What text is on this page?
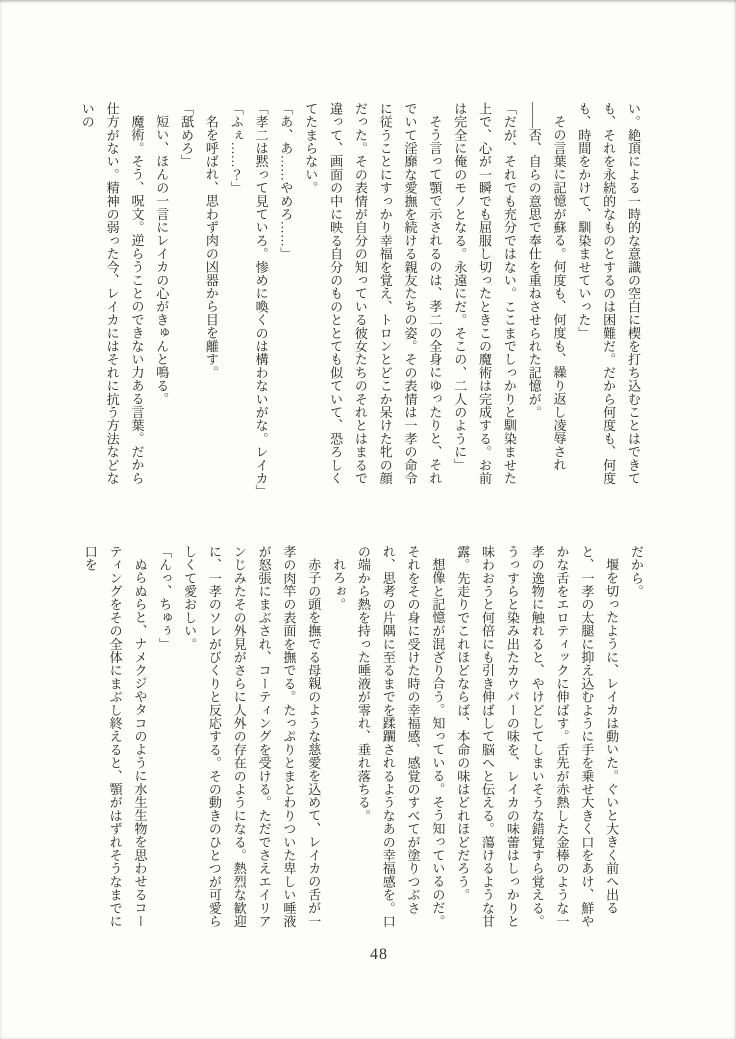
い。絶頂による一時的な意識の空白に楔を打ち込むことはできても、それを永続的なものとするのは困難だ。だから何度も、何度も、時間をかけて、馴染ませていった」

その言葉に記憶が蘇る。何度も、何度も、繰り返し凌辱され――否、自らの意思で奉仕を重ねさせられた記憶が。

「だが、それでも充分ではない。ここまでしっかりと馴染ませた上で、心が一瞬でも屈服し切ったときこの魔術は完成する。お前は完全に俺のモノとなる。永遠にだ。そこの、二人のように」

そう言って顎で示されるのは、孝二の全身にゆったりと、それでいて淫靡な愛撫を続ける親友たちの姿。その表情は一孝の命令に従うことにすっかり幸福を覚え、トロンとどこか呆けた牝の顔だった。その表情が自分の知っている彼女たちのそれとはまるで違って、画面の中に映る自分のものととても似ていて、恐ろしくてたまらない。

「あ、あ……やめろ……」

「孝二は黙って見ていろ。惨めに喚くのは構わないがな。レイカ」

「ふぇ……？」

名を呼ばれ、思わず肉の凶器から目を離す。

「舐めろ」

短い、ほんの一言にレイカの心がきゅんと鳴る。

魔術。そう、呪文。逆らうことのできない力ある言葉。だから仕方がない。精神の弱った今、レイカにはそれに抗う方法などないの

だから。

堰を切ったように、レイカは動いた。ぐいと大きく前へ出ると、一孝の太腿に抑え込むように手を乗せ大きく口をあけ、鮮やかな舌をエロティックに伸ばす。舌先が赤熱した金棒のような一孝の逸物に触れると、やけどしてしまいそうな錯覚すら覚える。うっすらと染み出たカウパーの味を、レイカの味蕾はしっかりと味わおうと何倍にも引き伸ばして脳へと伝える。蕩けるような甘露。先走りでこれほどならば、本命の味はどれほどだろう。

想像と記憶が混ざり合う。知っている。そう知っているのだ。それをその身に受けた時の幸福感、感覚のすべてが塗りつぶされ、思考の片隅に至るまでを蹂躙されるようなあの幸福感を。口の端から熱を持った唾液が零れ、垂れ落ちる。

れろぉ。

赤子の頭を撫でる母親のような慈愛を込めて、レイカの舌が一孝の肉竿の表面を撫でる。たっぷりとまとわりついた卑しい唾液が怒張にまぶされ、コーティングを受ける。ただでさえエイリアンじみたその外見がさらに人外の存在のようになる。熱烈な歓迎に、一孝のソレがびくりと反応する。その動きのひとつが可愛らしくて愛おしい。

「んっ、ちゅぅ」

ぬらぬらと、ナメクジやタコのように水生生物を思わせるコーティングをその全体にまぶし終えると、顎がはずれそうなまでに口を

48
